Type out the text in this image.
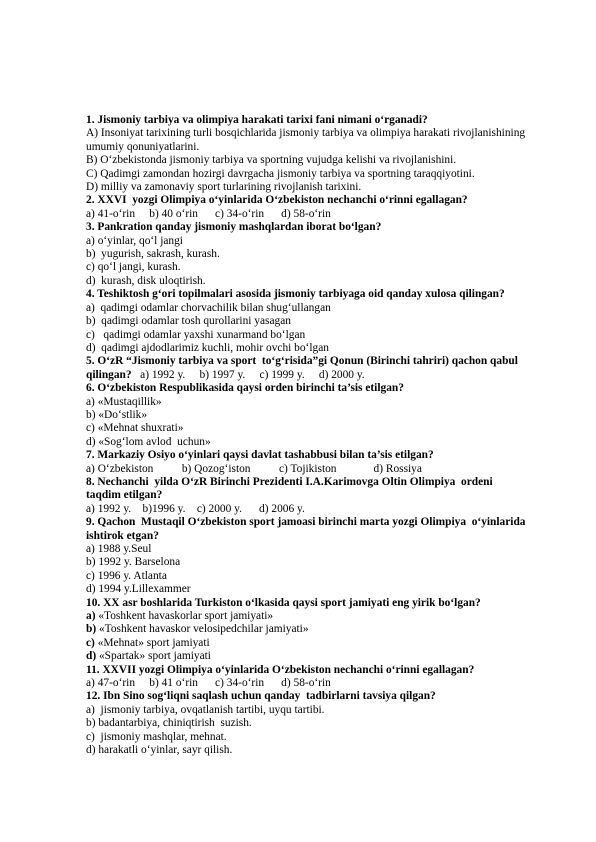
1. Jismoniy tarbiya va olimpiya harakati tarixi fani nimani oʻrganadi?
A) Insoniyat tarixining turli bosqichlarida jismoniy tarbiya va olimpiya harakati rivojlanishining umumiy qonuniyatlarini.
B) Oʻzbekistonda jismoniy tarbiya va sportning vujudga kelishi va rivojlanishini.
C) Qadimgi zamondan hozirgi davrgacha jismoniy tarbiya va sportning taraqqiyotini.
D) milliy va zamonaviy sport turlarining rivojlanish tarixini.
2. XXVI  yozgi Olimpiya oʻyinlarida Oʻzbekiston nechanchi oʻrinni egallagan?
a) 41-oʻrin     b) 40 oʻrin      c) 34-oʻrin      d) 58-oʻrin
3. Pankration qanday jismoniy mashqlardan iborat boʻlgan?
a) oʻyinlar, qoʻl jangi
b)  yugurish, sakrash, kurash.
c) qoʻl jangi, kurash.
d)  kurash, disk uloqtirish.
4. Teshiktosh gʻori topilmalari asosida jismoniy tarbiyaga oid qanday xulosa qilingan?
a)  qadimgi odamlar chorvachilik bilan shugʻullangan
b)  qadimgi odamlar tosh qurollarini yasagan
c)   qadimgi odamlar yaxshi xunarmand boʻlgan
d)  qadimgi ajdodlarimiz kuchli, mohir ovchi boʻlgan
5. OʻzR “Jismoniy tarbiya va sport  toʻgʻrisida”gi Qonun (Birinchi tahriri) qachon qabul
qilingan?   a) 1992 y.     b) 1997 y.     c) 1999 y.     d) 2000 y.
6. Oʻzbekiston Respublikasida qaysi orden birinchi ta’sis etilgan?
a) «Mustaqillik»
b) «Doʻstlik»
c) «Mehnat shuxrati»
d) «Sogʻlom avlod  uchun»
7. Markaziy Osiyo oʻyinlari qaysi davlat tashabbusi bilan ta’sis etilgan?
a) Oʻzbekiston          b) Qozogʻiston          c) Tojikiston             d) Rossiya
8. Nechanchi  yilda OʻzR Birinchi Prezidenti I.A.Karimovga Oltin Olimpiya  ordeni
taqdim etilgan?
a) 1992 y.    b)1996 y.    c) 2000 y.      d) 2006 y.
9. Qachon  Mustaqil Oʻzbekiston sport jamoasi birinchi marta yozgi Olimpiya  oʻyinlarida
ishtirok etgan?
a) 1988 y.Seul
b) 1992 y. Barselona
c) 1996 y. Atlanta
d) 1994 y.Lillexammer
10. XX asr boshlarida Turkiston oʻlkasida qaysi sport jamiyati eng yirik boʻlgan?
a) «Toshkent havaskorlar sport jamiyati»
b) «Toshkent havaskor velosipedchilar jamiyati»
c) «Mehnat» sport jamiyati
d) «Spartak» sport jamiyati
11. XXVII yozgi Olimpiya oʻyinlarida Oʻzbekiston nechanchi oʻrinni egallagan?
a) 47-oʻrin     b) 41 oʻrin      c) 34-oʻrin      d) 58-oʻrin
12. Ibn Sino sogʻliqni saqlash uchun qanday  tadbirlarni tavsiya qilgan?
a)  jismoniy tarbiya, ovqatlanish tartibi, uyqu tartibi.
b) badantarbiya, chiniqtirish  suzish.
c)  jismoniy mashqlar, mehnat.
d) harakatli oʻyinlar, sayr qilish.
